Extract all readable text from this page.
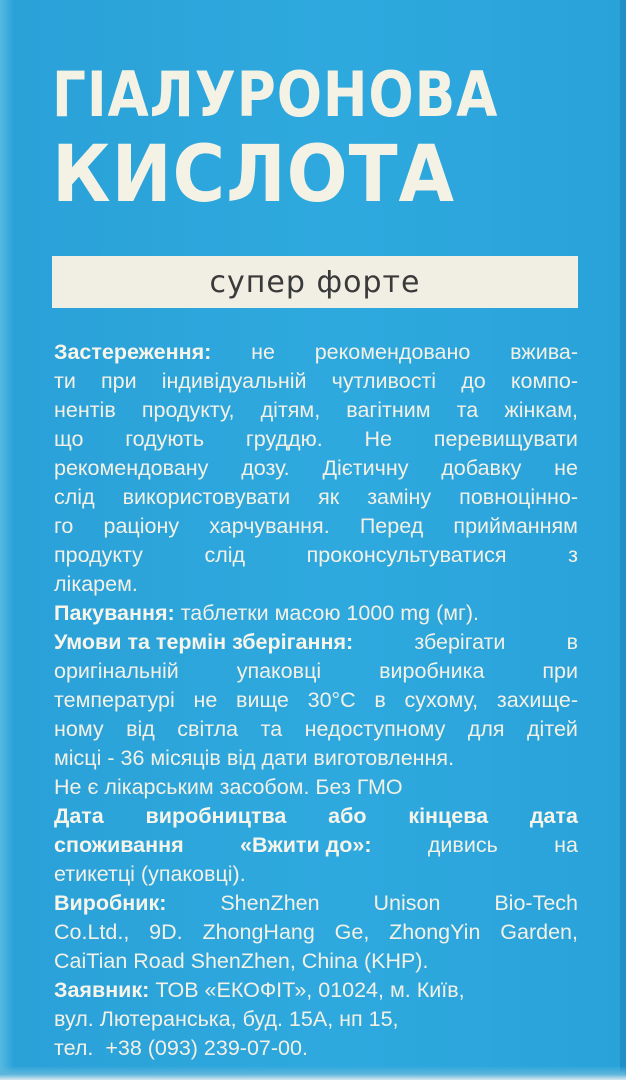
ГІАЛУРОНОВА
КИСЛОТА
супер форте
Застереження: не рекомендовано вжива-
ти при індивідуальній чутливості до компо-
нентів продукту, дітям, вагітним та жінкам,
що годують груддю. Не перевищувати
рекомендовану дозу. Дієтичну добавку не
слід використовувати як заміну повноцінно-
го раціону харчування. Перед прийманням
продукту	слід	проконсультуватися	з
лікарем.
Пакування: таблетки масою 1000 mg (мг).
Умови та термін зберігання:	зберігати	в
оригінальній	упаковці	виробника	при
температурі не вище 30°С в сухому, захище-
ному від світла та недоступному для дітей
місці - 36 місяців від дати виготовлення.
Не є лікарським засобом. Без ГМО
Дата виробництва або кінцева дата
споживання	«Вжити до»:	дивись	на
етикетці (упаковці).
Виробник:	ShenZhen	Unison	Bio-Tech
Co.Ltd., 9D. ZhongHang Ge, ZhongYin Garden,
CaiTian Road ShenZhen, China (KHP).
Заявник: ТОВ «ЕКОФІТ», 01024, м. Київ,
вул. Лютеранська, буд. 15А, нп 15,
тел.  +38 (093) 239-07-00.
